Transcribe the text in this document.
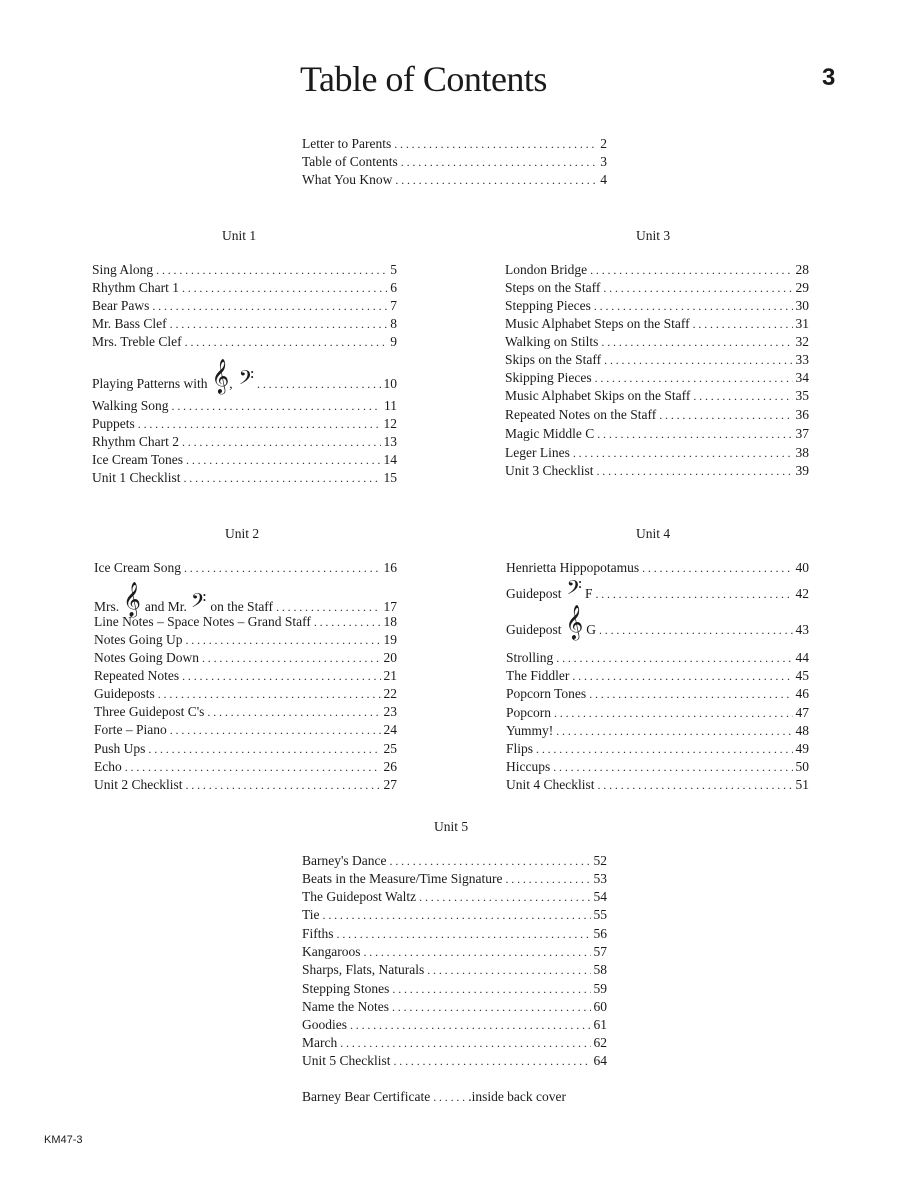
Table of Contents	3
Letter to Parents .....	2
Table of Contents .....	3
What You Know .....	4
Unit 1
Sing Along .....	5
Rhythm Chart 1 .....	6
Bear Paws .....	7
Mr. Bass Clef .....	8
Mrs. Treble Clef .....	9
Playing Patterns with 𝄞 , 𝄢 .....	10
Walking Song .....	11
Puppets .....	12
Rhythm Chart 2 .....	13
Ice Cream Tones .....	14
Unit 1 Checklist .....	15
Unit 3
London Bridge .....	28
Steps on the Staff .....	29
Stepping Pieces .....	30
Music Alphabet Steps on the Staff .....	31
Walking on Stilts .....	32
Skips on the Staff .....	33
Skipping Pieces .....	34
Music Alphabet Skips on the Staff .....	35
Repeated Notes on the Staff .....	36
Magic Middle C .....	37
Leger Lines .....	38
Unit 3 Checklist .....	39
Unit 2
Ice Cream Song .....	16
Mrs. 𝄞 and Mr. 𝄢 on the Staff .....	17
Line Notes – Space Notes – Grand Staff .....	18
Notes Going Up .....	19
Notes Going Down .....	20
Repeated Notes .....	21
Guideposts .....	22
Three Guidepost C's .....	23
Forte – Piano .....	24
Push Ups .....	25
Echo .....	26
Unit 2 Checklist .....	27
Unit 4
Henrietta Hippopotamus .....	40
Guidepost 𝄢 F .....	42
Guidepost 𝄞 G .....	43
Strolling .....	44
The Fiddler .....	45
Popcorn Tones .....	46
Popcorn .....	47
Yummy! .....	48
Flips .....	49
Hiccups .....	50
Unit 4 Checklist .....	51
Unit 5
Barney's Dance .....	52
Beats in the Measure/Time Signature .....	53
The Guidepost Waltz .....	54
Tie .....	55
Fifths .....	56
Kangaroos .....	57
Sharps, Flats, Naturals .....	58
Stepping Stones .....	59
Name the Notes .....	60
Goodies .....	61
March .....	62
Unit 5 Checklist .....	64
Barney Bear Certificate .....	.inside back cover
KM47-3
